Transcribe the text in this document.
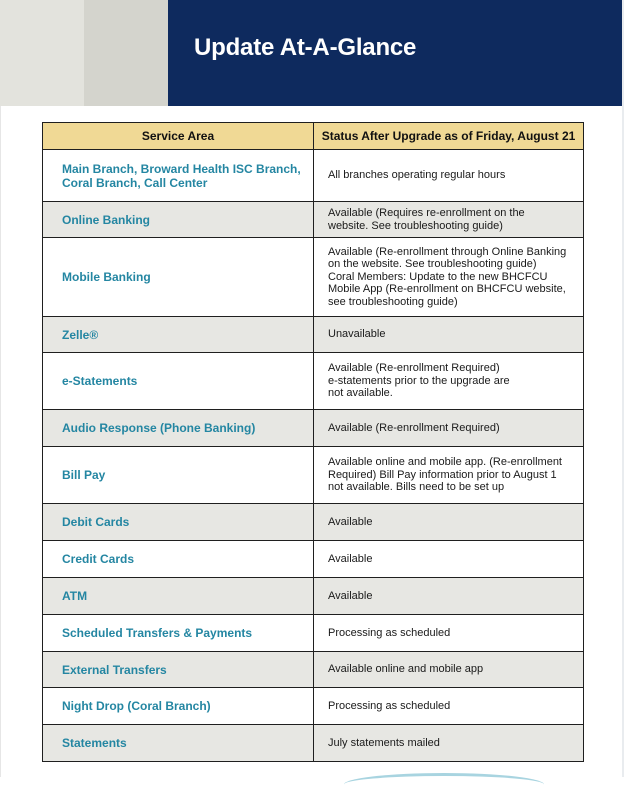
Update At-A-Glance
Service Area	Status After Upgrade as of Friday, August 21
Main Branch, Broward Health ISC Branch, Coral Branch, Call Center	All branches operating regular hours
Online Banking	Available (Requires re-enrollment on the
website. See troubleshooting guide)
Mobile Banking	Available (Re-enrollment through Online Banking
on the website. See troubleshooting guide)
Coral Members: Update to the new BHCFCU
Mobile App (Re-enrollment on BHCFCU website,
see troubleshooting guide)
Zelle®	Unavailable
e-Statements	Available (Re-enrollment Required)
e-statements prior to the upgrade are
not available.
Audio Response (Phone Banking)	Available (Re-enrollment Required)
Bill Pay	Available online and mobile app. (Re-enrollment
Required) Bill Pay information prior to August 1
not available. Bills need to be set up
Debit Cards	Available
Credit Cards	Available
ATM	Available
Scheduled Transfers & Payments	Processing as scheduled
External Transfers	Available online and mobile app
Night Drop (Coral Branch)	Processing as scheduled
Statements	July statements mailed
